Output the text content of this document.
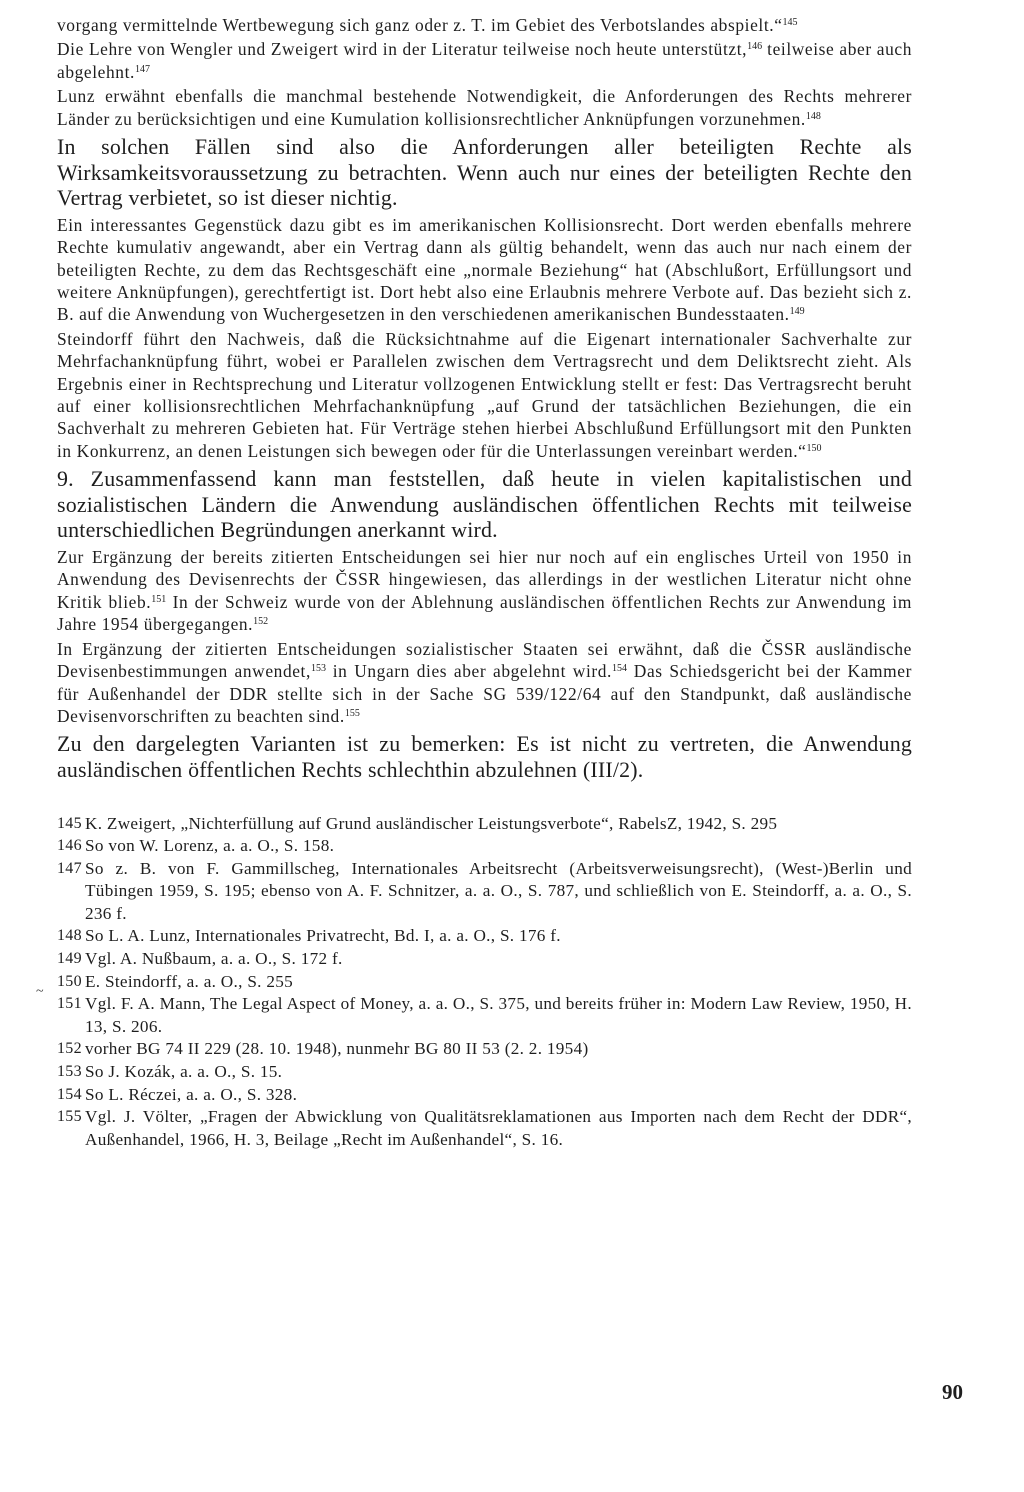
vorgang vermittelnde Wertbewegung sich ganz oder z. T. im Gebiet des Verbotslandes abspielt.“$^{145}$

Die Lehre von Wengler und Zweigert wird in der Literatur teilweise noch heute unterstützt,$^{146}$ teilweise aber auch abgelehnt.$^{147}$

Lunz erwähnt ebenfalls die manchmal bestehende Notwendigkeit, die Anforderungen des Rechts mehrerer Länder zu berücksichtigen und eine Kumulation kollisionsrechtlicher Anknüpfungen vorzunehmen.$^{148}$

In solchen Fällen sind also die Anforderungen aller beteiligten Rechte als Wirksamkeitsvoraussetzung zu betrachten. Wenn auch nur eines der beteiligten Rechte den Vertrag verbietet, so ist dieser nichtig.

Ein interessantes Gegenstück dazu gibt es im amerikanischen Kollisionsrecht. Dort werden ebenfalls mehrere Rechte kumulativ angewandt, aber ein Vertrag dann als gültig behandelt, wenn das auch nur nach einem der beteiligten Rechte, zu dem das Rechtsgeschäft eine „normale Beziehung“ hat (Abschlußort, Erfüllungsort und weitere Anknüpfungen), gerechtfertigt ist. Dort hebt also eine Erlaubnis mehrere Verbote auf. Das bezieht sich z. B. auf die Anwendung von Wuchergesetzen in den verschiedenen amerikanischen Bundesstaaten.$^{149}$

Steindorff führt den Nachweis, daß die Rücksichtnahme auf die Eigenart internationaler Sachverhalte zur Mehrfachanknüpfung führt, wobei er Parallelen zwischen dem Vertragsrecht und dem Deliktsrecht zieht. Als Ergebnis einer in Rechtsprechung und Literatur vollzogenen Entwicklung stellt er fest: Das Vertragsrecht beruht auf einer kollisionsrechtlichen Mehrfachanknüpfung „auf Grund der tatsächlichen Beziehungen, die ein Sachverhalt zu mehreren Gebieten hat. Für Verträge stehen hierbei Abschlußund Erfüllungsort mit den Punkten in Konkurrenz, an denen Leistungen sich bewegen oder für die Unterlassungen vereinbart werden.“$^{150}$

9. Zusammenfassend kann man feststellen, daß heute in vielen kapitalistischen und sozialistischen Ländern die Anwendung ausländischen öffentlichen Rechts mit teilweise unterschiedlichen Begründungen anerkannt wird.

Zur Ergänzung der bereits zitierten Entscheidungen sei hier nur noch auf ein englisches Urteil von 1950 in Anwendung des Devisenrechts der ČSSR hingewiesen, das allerdings in der westlichen Literatur nicht ohne Kritik blieb.$^{151}$ In der Schweiz wurde von der Ablehnung ausländischen öffentlichen Rechts zur Anwendung im Jahre 1954 übergegangen.$^{152}$

In Ergänzung der zitierten Entscheidungen sozialistischer Staaten sei erwähnt, daß die ČSSR ausländische Devisenbestimmungen anwendet,$^{153}$ in Ungarn dies aber abgelehnt wird.$^{154}$ Das Schiedsgericht bei der Kammer für Außenhandel der DDR stellte sich in der Sache SG 539/122/64 auf den Standpunkt, daß ausländische Devisenvorschriften zu beachten sind.$^{155}$

Zu den dargelegten Varianten ist zu bemerken: Es ist nicht zu vertreten, die Anwendung ausländischen öffentlichen Rechts schlechthin abzulehnen (III/2).

145 K. Zweigert, „Nichterfüllung auf Grund ausländischer Leistungsverbote“, RabelsZ, 1942, S. 295
146 So von W. Lorenz, a. a. O., S. 158.
147 So z. B. von F. Gammillscheg, Internationales Arbeitsrecht (Arbeitsverweisungsrecht), (West-)Berlin und Tübingen 1959, S. 195; ebenso von A. F. Schnitzer, a. a. O., S. 787, und schließlich von E. Steindorff, a. a. O., S. 236 f.
148 So L. A. Lunz, Internationales Privatrecht, Bd. I, a. a. O., S. 176 f.
149 Vgl. A. Nußbaum, a. a. O., S. 172 f.
150 E. Steindorff, a. a. O., S. 255
151 Vgl. F. A. Mann, The Legal Aspect of Money, a. a. O., S. 375, und bereits früher in: Modern Law Review, 1950, H. 13, S. 206.
152 vorher BG 74 II 229 (28. 10. 1948), nunmehr BG 80 II 53 (2. 2. 1954)
153 So J. Kozák, a. a. O., S. 15.
154 So L. Réczei, a. a. O., S. 328.
155 Vgl. J. Völter, „Fragen der Abwicklung von Qualitätsreklamationen aus Importen nach dem Recht der DDR“, Außenhandel, 1966, H. 3, Beilage „Recht im Außenhandel“, S. 16.
~
90
